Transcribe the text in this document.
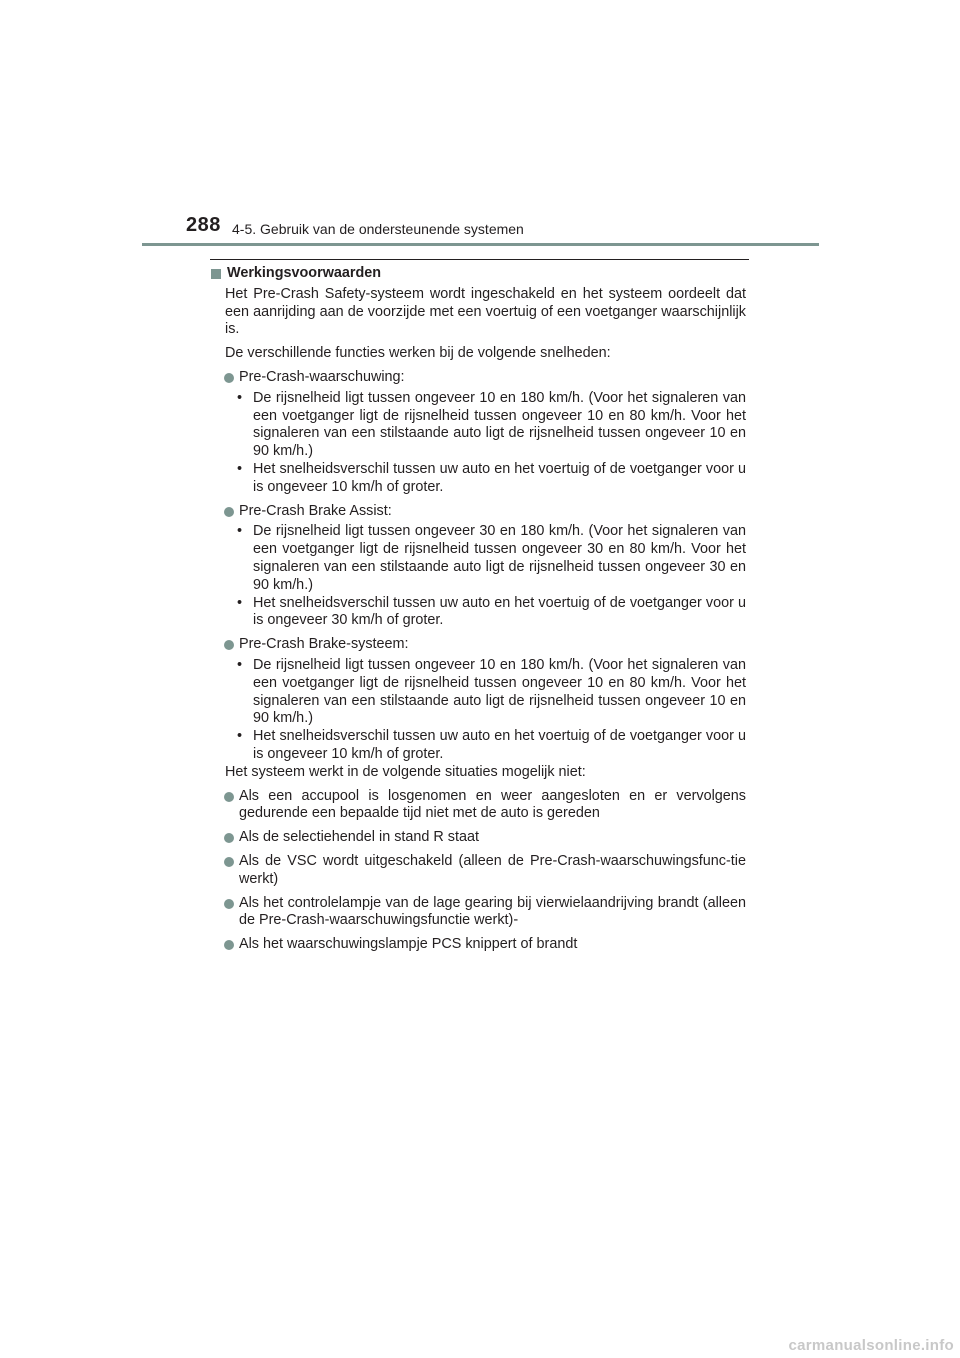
288 4-5. Gebruik van de ondersteunende systemen
Werkingsvoorwaarden

Het Pre-Crash Safety-systeem wordt ingeschakeld en het systeem oordeelt dat een aanrijding aan de voorzijde met een voertuig of een voetganger waarschijnlijk is.

De verschillende functies werken bij de volgende snelheden:

Pre-Crash-waarschuwing:
• De rijsnelheid ligt tussen ongeveer 10 en 180 km/h. (Voor het signaleren van een voetganger ligt de rijsnelheid tussen ongeveer 10 en 80 km/h. Voor het signaleren van een stilstaande auto ligt de rijsnelheid tussen ongeveer 10 en 90 km/h.)
• Het snelheidsverschil tussen uw auto en het voertuig of de voetganger voor u is ongeveer 10 km/h of groter.
Pre-Crash Brake Assist:
• De rijsnelheid ligt tussen ongeveer 30 en 180 km/h. (Voor het signaleren van een voetganger ligt de rijsnelheid tussen ongeveer 30 en 80 km/h. Voor het signaleren van een stilstaande auto ligt de rijsnelheid tussen ongeveer 30 en 90 km/h.)
• Het snelheidsverschil tussen uw auto en het voertuig of de voetganger voor u is ongeveer 30 km/h of groter.
Pre-Crash Brake-systeem:
• De rijsnelheid ligt tussen ongeveer 10 en 180 km/h. (Voor het signaleren van een voetganger ligt de rijsnelheid tussen ongeveer 10 en 80 km/h. Voor het signaleren van een stilstaande auto ligt de rijsnelheid tussen ongeveer 10 en 90 km/h.)
• Het snelheidsverschil tussen uw auto en het voertuig of de voetganger voor u is ongeveer 10 km/h of groter.

Het systeem werkt in de volgende situaties mogelijk niet:

Als een accupool is losgenomen en weer aangesloten en er vervolgens gedurende een bepaalde tijd niet met de auto is gereden
Als de selectiehendel in stand R staat
Als de VSC wordt uitgeschakeld (alleen de Pre-Crash-waarschuwingsfunc-tie werkt)
Als het controlelampje van de lage gearing bij vierwielaandrijving brandt (alleen de Pre-Crash-waarschuwingsfunctie werkt)-
Als het waarschuwingslampje PCS knippert of brandt
carmanualsonline.info
